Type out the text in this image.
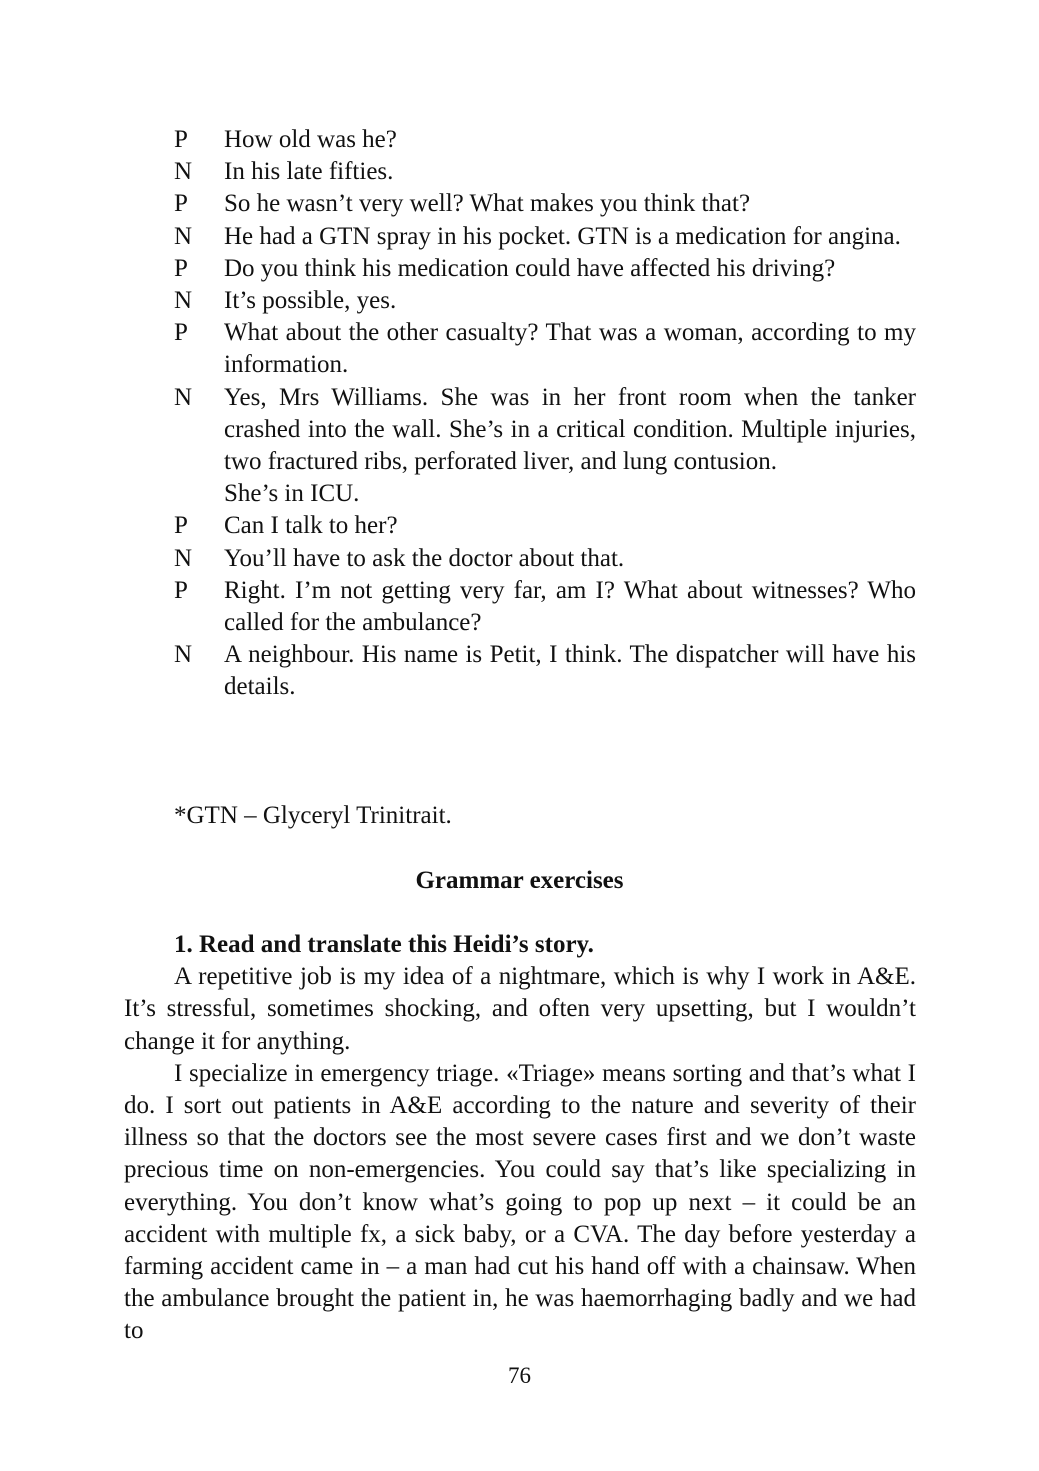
P	How old was he?
N	In his late fifties.
P	So he wasn’t very well? What makes you think that?
N	He had a GTN spray in his pocket. GTN is a medication for angina.
P	Do you think his medication could have affected his driving?
N	It’s possible, yes.
P	What about the other casualty? That was a woman, according to my information.
N	Yes, Mrs Williams. She was in her front room when the tanker crashed into the wall. She’s in a critical condition. Multiple injuries, two fractured ribs, perforated liver, and lung contusion.
She’s in ICU.
P	Can I talk to her?
N	You’ll have to ask the doctor about that.
P	Right. I’m not getting very far, am I? What about witnesses? Who called for the ambulance?
N	A neighbour. His name is Petit, I think. The dispatcher will have his details.
*GTN – Glyceryl Trinitrait.
Grammar exercises

1. Read and translate this Heidi’s story.

A repetitive job is my idea of a nightmare, which is why I work in A&E. It’s stressful, sometimes shocking, and often very upsetting, but I wouldn’t change it for anything.

I specialize in emergency triage. «Triage» means sorting and that’s what I do. I sort out patients in A&E according to the nature and severity of their illness so that the doctors see the most severe cases first and we don’t waste precious time on non-emergencies. You could say that’s like specializing in everything. You don’t know what’s going to pop up next – it could be an accident with multiple fx, a sick baby, or a CVA. The day before yesterday a farming accident came in – a man had cut his hand off with a chainsaw. When the ambulance brought the patient in, he was haemorrhaging badly and we had to

76
